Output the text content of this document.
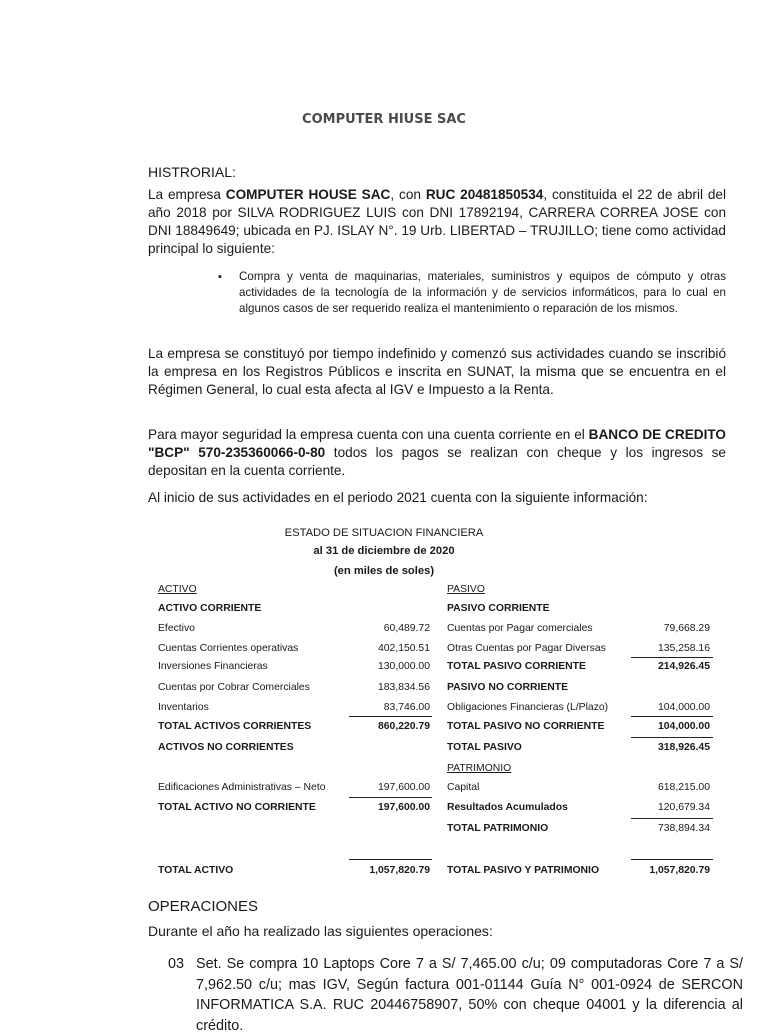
COMPUTER HIUSE SAC
HISTRORIAL:
La empresa COMPUTER HOUSE SAC, con RUC 20481850534, constituida el 22 de abril del año 2018 por SILVA RODRIGUEZ LUIS con DNI 17892194, CARRERA CORREA JOSE con DNI 18849649; ubicada en PJ. ISLAY N°. 19 Urb. LIBERTAD – TRUJILLO; tiene como actividad principal lo siguiente:
▪ Compra y venta de maquinarias, materiales, suministros y equipos de cómputo y otras actividades de la tecnología de la información y de servicios informáticos, para lo cual en algunos casos de ser requerido realiza el mantenimiento o reparación de los mismos.
La empresa se constituyó por tiempo indefinido y comenzó sus actividades cuando se inscribió la empresa en los Registros Públicos e inscrita en SUNAT, la misma que se encuentra en el Régimen General, lo cual esta afecta al IGV e Impuesto a la Renta.
Para mayor seguridad la empresa cuenta con una cuenta corriente en el BANCO DE CREDITO "BCP" 570-235360066-0-80 todos los pagos se realizan con cheque y los ingresos se depositan en la cuenta corriente.
Al inicio de sus actividades en el periodo 2021 cuenta con la siguiente información:
ESTADO DE SITUACION FINANCIERA
al 31 de diciembre de 2020
(en miles de soles)
ACTIVO
ACTIVO CORRIENTE
Efectivo	60,489.72
Cuentas Corrientes operativas	402,150.51
Inversiones Financieras	130,000.00
Cuentas por Cobrar Comerciales	183,834.56
Inventarios	83,746.00
TOTAL ACTIVOS CORRIENTES	860,220.79
ACTIVOS NO CORRIENTES
Edificaciones Administrativas – Neto	197,600.00
TOTAL ACTIVO NO CORRIENTE	197,600.00
TOTAL ACTIVO	1,057,820.79
PASIVO
PASIVO CORRIENTE
Cuentas por Pagar comerciales	79,668.29
Otras Cuentas por Pagar Diversas	135,258.16
TOTAL PASIVO CORRIENTE	214,926.45
PASIVO NO CORRIENTE
Obligaciones Financieras (L/Plazo)	104,000.00
TOTAL PASIVO NO CORRIENTE	104,000.00
TOTAL PASIVO	318,926.45
PATRIMONIO
Capital	618,215.00
Resultados Acumulados	120,679.34
TOTAL PATRIMONIO	738,894.34
TOTAL PASIVO Y PATRIMONIO	1,057,820.79
OPERACIONES
Durante el año ha realizado las siguientes operaciones:
03 Set. Se compra 10 Laptops Core 7 a S/ 7,465.00 c/u; 09 computadoras Core 7 a S/ 7,962.50 c/u; mas IGV, Según factura 001-01144 Guía N° 001-0924 de SERCON INFORMATICA S.A. RUC 20446758907, 50% con cheque 04001 y la diferencia al crédito.
